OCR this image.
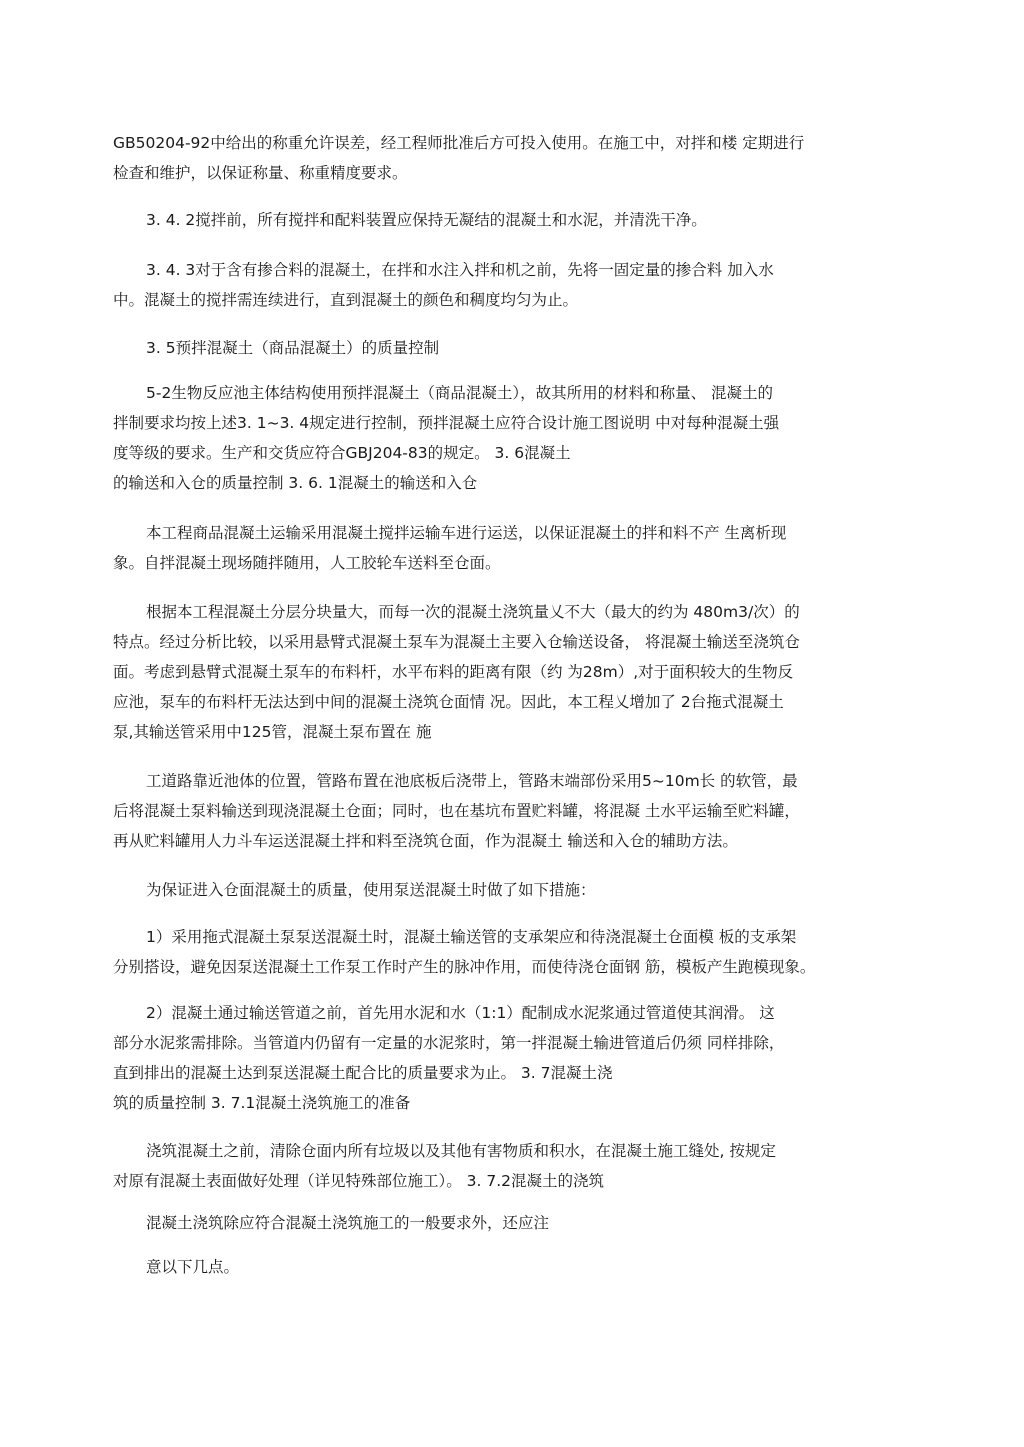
GB50204-92中给出的称重允许误差，经工程师批准后方可投入使用。在施工中，对拌和楼 定期进行
检查和维护，以保证称量、称重精度要求。
3. 4. 2搅拌前，所有搅拌和配料装置应保持无凝结的混凝土和水泥，并清洗干净。
3. 4. 3对于含有掺合料的混凝土，在拌和水注入拌和机之前，先将一固定量的掺合料 加入水
中。混凝土的搅拌需连续进行，直到混凝土的颜色和稠度均匀为止。
3. 5预拌混凝土（商品混凝土）的质量控制
5-2生物反应池主体结构使用预拌混凝土（商品混凝土），故其所用的材料和称量、 混凝土的
拌制要求均按上述3. 1~3. 4规定进行控制，预拌混凝土应符合设计施工图说明 中对每种混凝土强
度等级的要求。生产和交货应符合GBJ204-83的规定。 3. 6混凝土
的输送和入仓的质量控制 3. 6. 1混凝土的输送和入仓
本工程商品混凝土运输采用混凝土搅拌运输车进行运送，以保证混凝土的拌和料不产 生离析现
象。自拌混凝土现场随拌随用，人工胶轮车送料至仓面。
根据本工程混凝土分层分块量大，而每一次的混凝土浇筑量乂不大（最大的约为 480m3/次）的
特点。经过分析比较，以采用悬臂式混凝土泵车为混凝土主要入仓输送设备， 将混凝土输送至浇筑仓
面。考虑到悬臂式混凝土泵车的布料杆，水平布料的距离有限（约 为28m）,对于面积较大的生物反
应池，泵车的布料杆无法达到中间的混凝土浇筑仓面情 况。因此，本工程乂增加了 2台拖式混凝土
泵,其输送管采用中125管，混凝土泵布置在 施
工道路靠近池体的位置，管路布置在池底板后浇带上，管路末端部份采用5~10m长 的软管，最
后将混凝土泵料输送到现浇混凝土仓面；同时，也在基坑布置贮料罐，将混凝 土水平运输至贮料罐，
再从贮料罐用人力斗车运送混凝土拌和料至浇筑仓面，作为混凝土 输送和入仓的辅助方法。
为保证进入仓面混凝土的质量，使用泵送混凝土时做了如下措施：
1）采用拖式混凝土泵泵送混凝土时，混凝土输送管的支承架应和待浇混凝土仓面模 板的支承架
分别搭设，避免因泵送混凝土工作泵工作时产生的脉冲作用，而使待浇仓面钢 筋，模板产生跑模现象。
2）混凝土通过输送管道之前，首先用水泥和水（1:1）配制成水泥浆通过管道使其润滑。 这
部分水泥浆需排除。当管道内仍留有一定量的水泥浆时，第一拌混凝土输进管道后仍须 同样排除，
直到排出的混凝土达到泵送混凝土配合比的质量要求为止。 3. 7混凝土浇
筑的质量控制 3. 7.1混凝土浇筑施工的准备
浇筑混凝土之前，清除仓面内所有垃圾以及其他有害物质和积水，在混凝土施工缝处, 按规定
对原有混凝土表面做好处理（详见特殊部位施工）。 3. 7.2混凝土的浇筑
混凝土浇筑除应符合混凝土浇筑施工的一般要求外，还应注
意以下几点。
